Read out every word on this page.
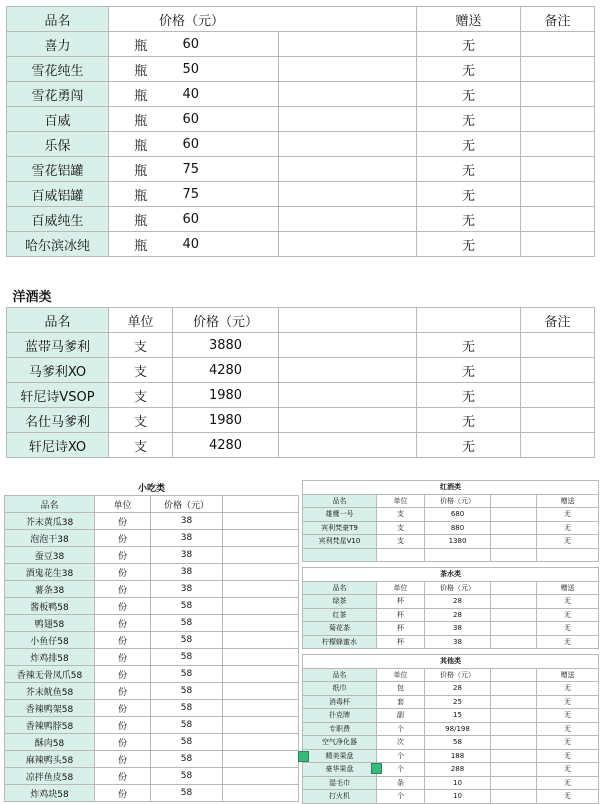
品名	价格（元）			赠送	备注
喜力	瓶	60		无	
雪花纯生	瓶	50		无	
雪花勇闯	瓶	40		无	
百威	瓶	60		无	
乐保	瓶	60		无	
雪花铝罐	瓶	75		无	
百威铝罐	瓶	75		无	
百威纯生	瓶	60		无	
哈尔滨冰纯	瓶	40		无	

洋酒类					
品名	单位	价格（元）			备注
蓝带马爹利	支	3880		无	
马爹利XO	支	4280		无	
轩尼诗VSOP	支	1980		无	
名仕马爹利	支	1980		无	
轩尼诗XO	支	4280		无	
小吃类			
品名	单位	价格（元）	
芥末黄瓜38	份	38	
泡泡干38	份	38	
蚕豆38	份	38	
酒鬼花生38	份	38	
薯条38	份	38	
酱板鸭58	份	58	
鸭翅58	份	58	
小鱼仔58	份	58	
炸鸡排58	份	58	
香辣无骨凤爪58	份	58	
芥末鱿鱼58	份	58	
香辣鸭架58	份	58	
香辣鸭脖58	份	58	
酥肉58	份	58	
麻辣鸭头58	份	58	
凉拌鱼皮58	份	58	
炸鸡块58	份	58	
红酒类				
品名	单位	价格（元）		赠送
雄鹰一号	支	680		无
宾利梵豪T9	支	880		无
宾利梵星V10	支	1380		无

茶水类				
品名	单位	价格（元）		赠送
绿茶	杯	28		无
红茶	杯	28		无
菊花茶	杯	38		无
柠檬蜂蜜水	杯	38		无

其他类				
品名	单位	价格（元）		赠送
纸巾	包	28		无
消毒杯	套	25		无
扑克牌	副	15		无
专职费	个	98/198		无
空气净化器	次	58		无
精美果盘	个	188		无
豪华果盘	个	288		无
湿毛巾	条	10		无
打火机	个	10		无
